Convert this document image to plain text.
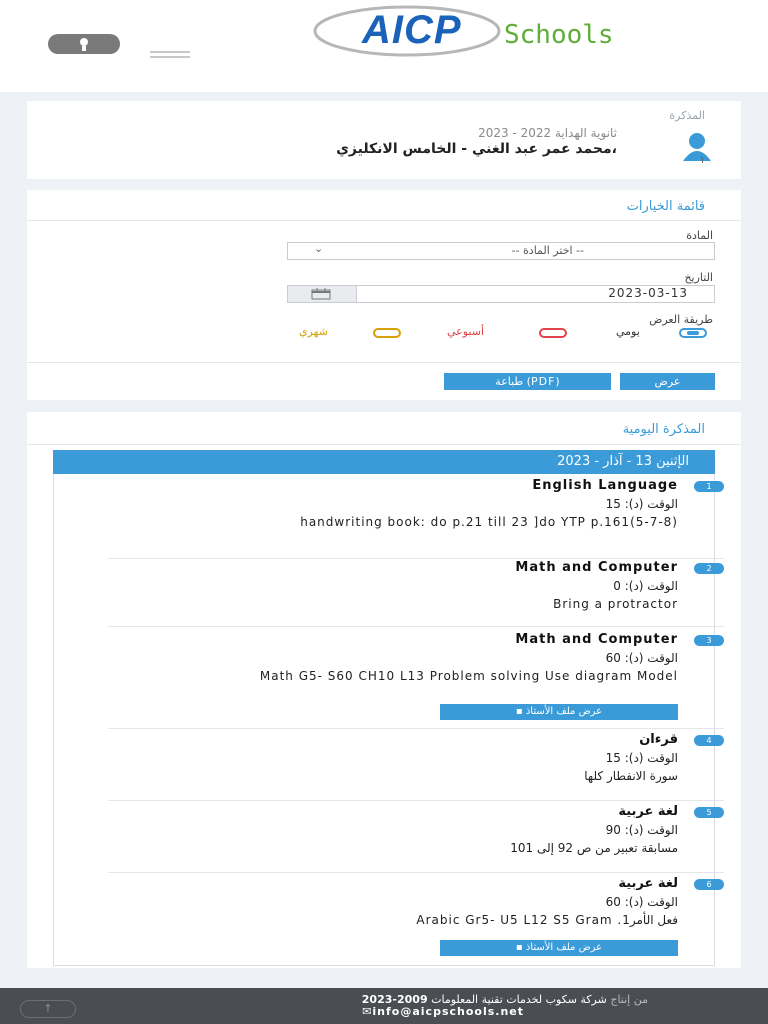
AICP Schools
المذكرة
ثانوية الهداية 2022 - 2023
محمد عمر عبد الغني - الخامس الانكليزي،
١
قائمة الخيارات
المادة
-- اختر المادة --
⌄
التاريخ
2023-03-13
طريقة العرض
يومي
أسبوعي
شهري
عرض
طباعة (PDF)
المذكرة اليومية
الإثنين 13 - آذار - 2023
1
English Language
الوقت (د): 15
handwriting book: do p.21 till 23 ]do YTP p.161(5-7-8)
2
Math and Computer
الوقت (د): 0
Bring a protractor
3
Math and Computer
الوقت (د): 60
Math G5- S60 CH10 L13 Problem solving Use diagram Model
▪ عرض ملف الأستاذ
4
قرءان
الوقت (د): 15
سورة الانفطار كلها
5
لغة عربية
الوقت (د): 90
مسابقة تعبير من ص 92 إلى 101
6
لغة عربية
الوقت (د): 60
Arabic Gr5- U5 L12 S5 Gram .فعل الأمر1
▪ عرض ملف الأستاذ
↑
من إنتاج شركة سكوب لخدمات تقنية المعلومات 2009-2023
✉info@aicpschools.net
